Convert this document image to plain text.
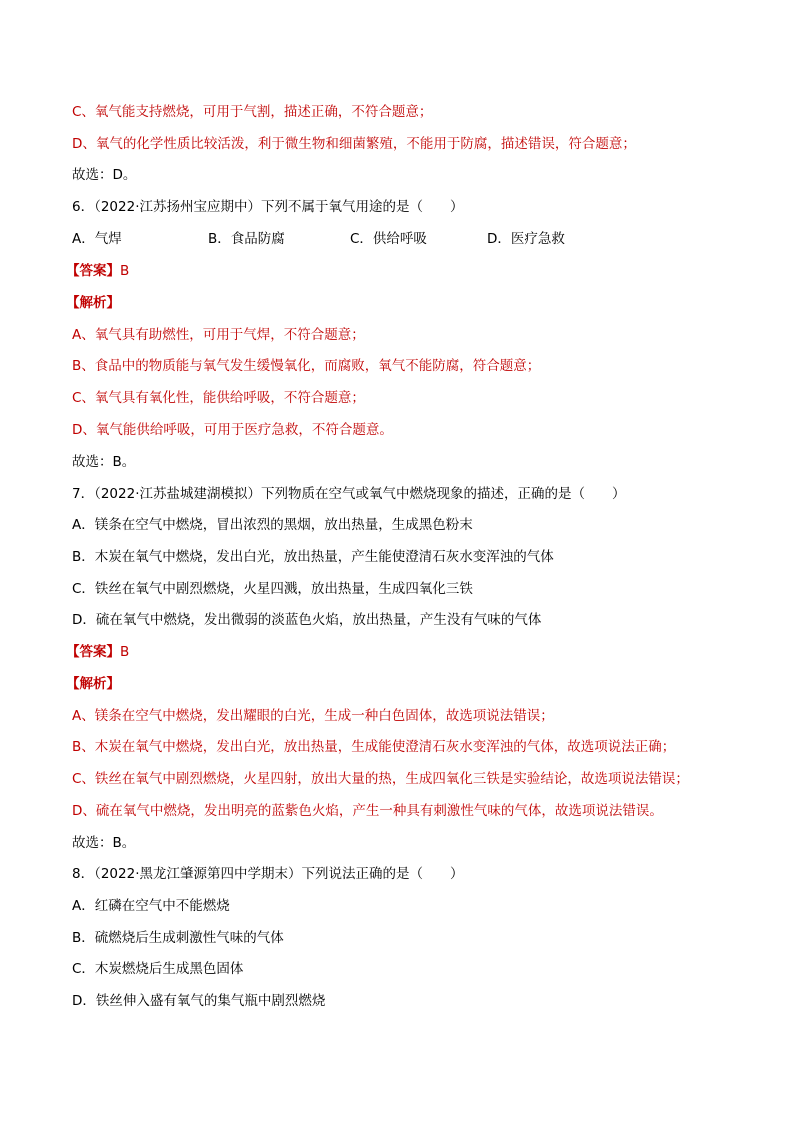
C、氧气能支持燃烧，可用于气割，描述正确，不符合题意；
D、氧气的化学性质比较活泼，利于微生物和细菌繁殖，不能用于防腐，描述错误，符合题意；
故选：D。
6．（2022·江苏扬州宝应期中）下列不属于氧气用途的是（　　）
A．气焊	B．食品防腐	C．供给呼吸	D．医疗急救
【答案】B
【解析】
A、氧气具有助燃性，可用于气焊，不符合题意；
B、食品中的物质能与氧气发生缓慢氧化，而腐败，氧气不能防腐，符合题意；
C、氧气具有氧化性，能供给呼吸，不符合题意；
D、氧气能供给呼吸，可用于医疗急救，不符合题意。
故选：B。
7．（2022·江苏盐城建湖模拟）下列物质在空气或氧气中燃烧现象的描述，正确的是（　　）
A．镁条在空气中燃烧，冒出浓烈的黑烟，放出热量，生成黑色粉末
B．木炭在氧气中燃烧，发出白光，放出热量，产生能使澄清石灰水变浑浊的气体
C．铁丝在氧气中剧烈燃烧，火星四溅，放出热量，生成四氧化三铁
D．硫在氧气中燃烧，发出微弱的淡蓝色火焰，放出热量，产生没有气味的气体
【答案】B
【解析】
A、镁条在空气中燃烧，发出耀眼的白光，生成一种白色固体，故选项说法错误；
B、木炭在氧气中燃烧，发出白光，放出热量，生成能使澄清石灰水变浑浊的气体，故选项说法正确；
C、铁丝在氧气中剧烈燃烧，火星四射，放出大量的热，生成四氧化三铁是实验结论，故选项说法错误；
D、硫在氧气中燃烧，发出明亮的蓝紫色火焰，产生一种具有刺激性气味的气体，故选项说法错误。
故选：B。
8．（2022·黑龙江肇源第四中学期末）下列说法正确的是（　　）
A．红磷在空气中不能燃烧
B．硫燃烧后生成刺激性气味的气体
C．木炭燃烧后生成黑色固体
D．铁丝伸入盛有氧气的集气瓶中剧烈燃烧
